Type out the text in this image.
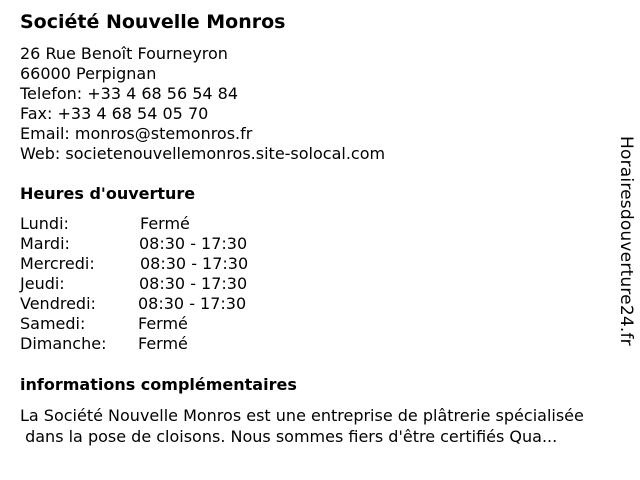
Société Nouvelle Monros
26 Rue Benoît Fourneyron
66000 Perpignan
Telefon: +33 4 68 56 54 84
Fax: +33 4 68 54 05 70
Email: monros@stemonros.fr
Web: societenouvellemonros.site-solocal.com
Heures d'ouverture
Lundi:	Fermé
Mardi:	08:30 - 17:30
Mercredi:	08:30 - 17:30
Jeudi:	08:30 - 17:30
Vendredi:	08:30 - 17:30
Samedi:	Fermé
Dimanche: Fermé
informations complémentaires
La Société Nouvelle Monros est une entreprise de plâtrerie spécialisée
dans la pose de cloisons. Nous sommes fiers d'être certifiés Qua...
Horairesdouverture24.fr
